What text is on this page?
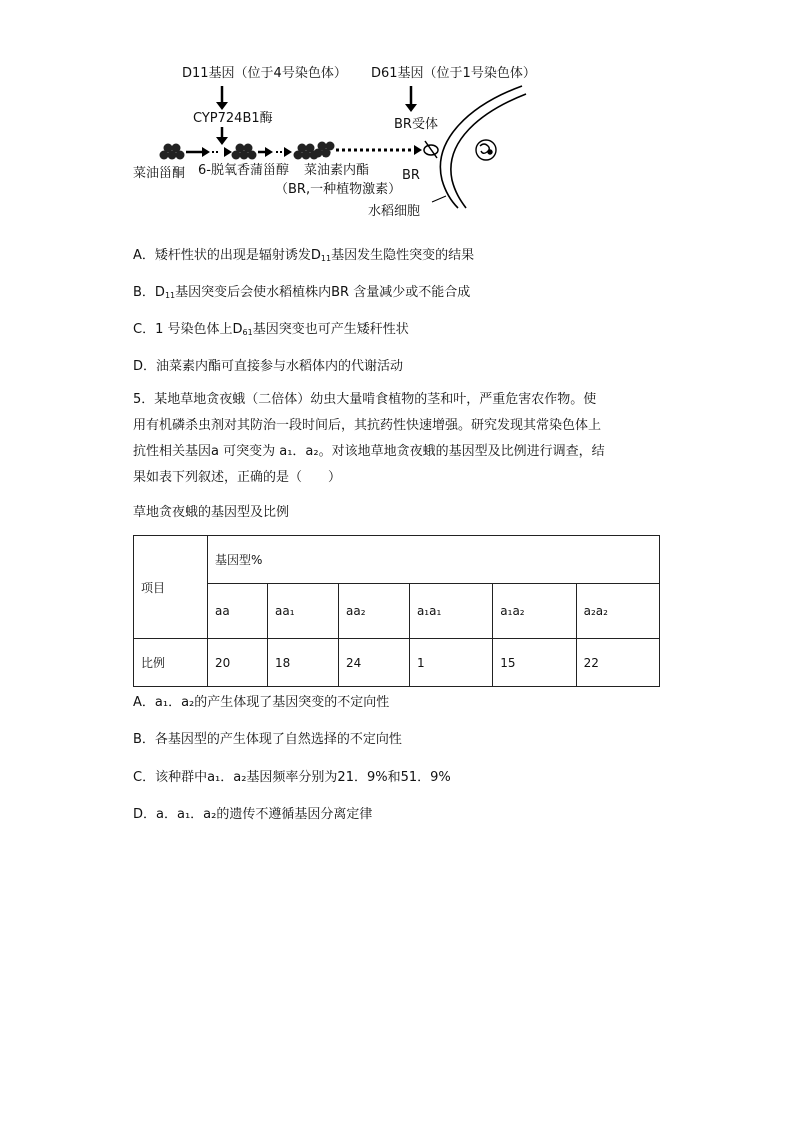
D11基因（位于4号染色体） D61基因（位于1号染色体）
CYP724B1酶	BR受体
菜油甾酮 6-脱氧香蒲甾醇 菜油素内酯
（BR,一种植物激素）
BR
水稻细胞
A．矮杆性状的出现是辐射诱发$D_{11}$基因发生隐性突变的结果
B．$D_{11}$基因突变后会使水稻植株内BR 含量减少或不能合成
C．1 号染色体上$D_{61}$基因突变也可产生矮秆性状
D．油菜素内酯可直接参与水稻体内的代谢活动
5．某地草地贪夜蛾（二倍体）幼虫大量啃食植物的茎和叶，严重危害农作物。使
用有机磷杀虫剂对其防治一段时间后，其抗药性快速增强。研究发现其常染色体上
抗性相关基因a 可突变为 a₁．a₂。对该地草地贪夜蛾的基因型及比例进行调查，结
果如表下列叙述，正确的是（　　）
草地贪夜蛾的基因型及比例
项目	基因型%					
	aa	aa₁	aa₂	a₁a₁	a₁a₂	a₂a₂
比例	20	18	24	1	15	22
A．a₁．a₂的产生体现了基因突变的不定向性
B．各基因型的产生体现了自然选择的不定向性
C．该种群中a₁．a₂基因频率分别为21．9%和51．9%
D．a．a₁．a₂的遗传不遵循基因分离定律
